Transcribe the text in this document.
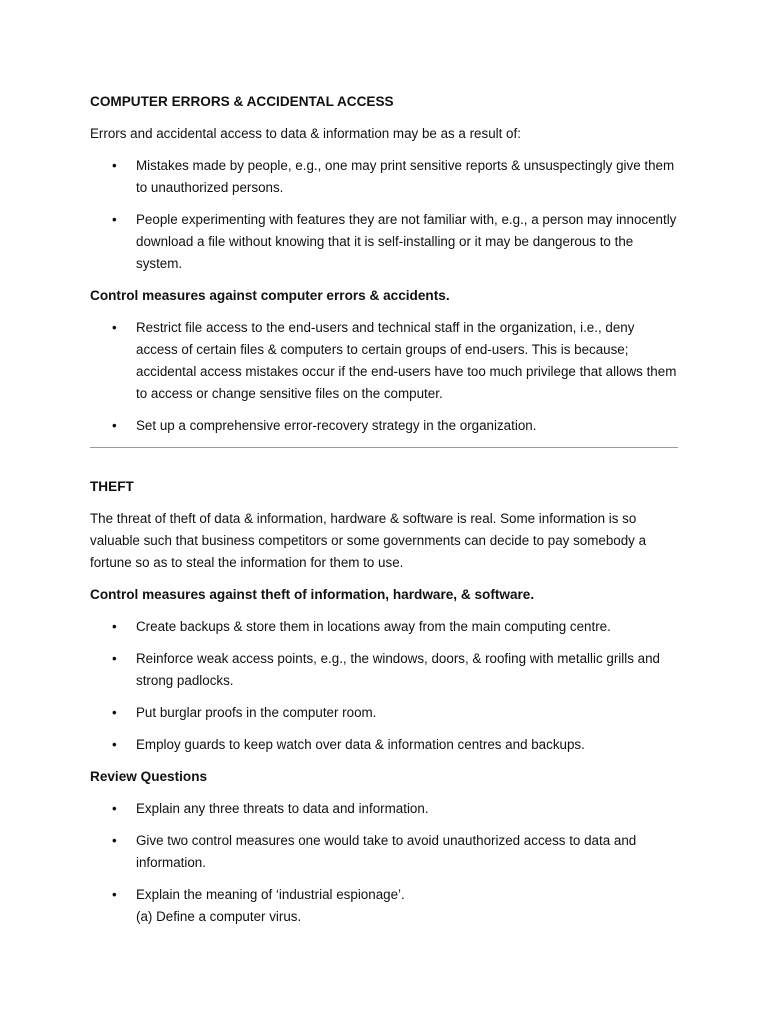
COMPUTER ERRORS & ACCIDENTAL ACCESS
Errors and accidental access to data & information may be as a result of:
•	Mistakes made by people, e.g., one may print sensitive reports & unsuspectingly give them to unauthorized persons.
•	People experimenting with features they are not familiar with, e.g., a person may innocently download a file without knowing that it is self-installing or it may be dangerous to the system.
Control measures against computer errors & accidents.
•	Restrict file access to the end-users and technical staff in the organization, i.e., deny access of certain files & computers to certain groups of end-users. This is because; accidental access mistakes occur if the end-users have too much privilege that allows them to access or change sensitive files on the computer.
•	Set up a comprehensive error-recovery strategy in the organization.
THEFT
The threat of theft of data & information, hardware & software is real. Some information is so valuable such that business competitors or some governments can decide to pay somebody a fortune so as to steal the information for them to use.
Control measures against theft of information, hardware, & software.
•	Create backups & store them in locations away from the main computing centre.
•	Reinforce weak access points, e.g., the windows, doors, & roofing with metallic grills and strong padlocks.
•	Put burglar proofs in the computer room.
•	Employ guards to keep watch over data & information centres and backups.
Review Questions
•	Explain any three threats to data and information.
•	Give two control measures one would take to avoid unauthorized access to data and information.
•	Explain the meaning of ‘industrial espionage’.
(a) Define a computer virus.
